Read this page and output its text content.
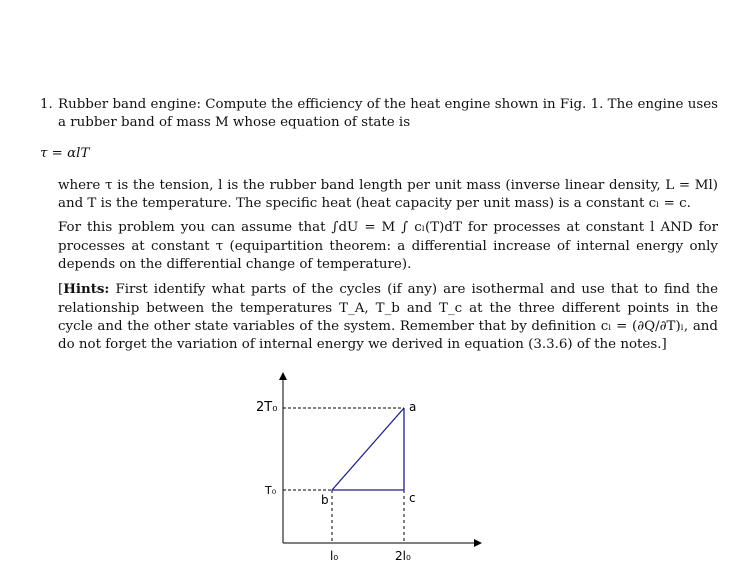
1. Rubber band engine: Compute the efficiency of the heat engine shown in Fig. 1. The engine uses a rubber band of mass M whose equation of state is

τ = αlT

where τ is the tension, l is the rubber band length per unit mass (inverse linear density, L = Ml) and T is the temperature. The specific heat (heat capacity per unit mass) is a constant cₗ = c.

For this problem you can assume that ∫dU = M ∫ cₗ(T)dT for processes at constant l AND for processes at constant τ (equipartition theorem: a differential increase of internal energy only depends on the differential change of temperature).

[Hints: First identify what parts of the cycles (if any) are isothermal and use that to find the relationship between the temperatures T_A, T_b and T_c at the three different points in the cycle and the other state variables of the system. Remember that by definition cₗ = (∂Q/∂T)ₗ, and do not forget the variation of internal energy we derived in equation (3.3.6) of the notes.]

2T₀
T₀
l₀	2l₀
a
b	c
